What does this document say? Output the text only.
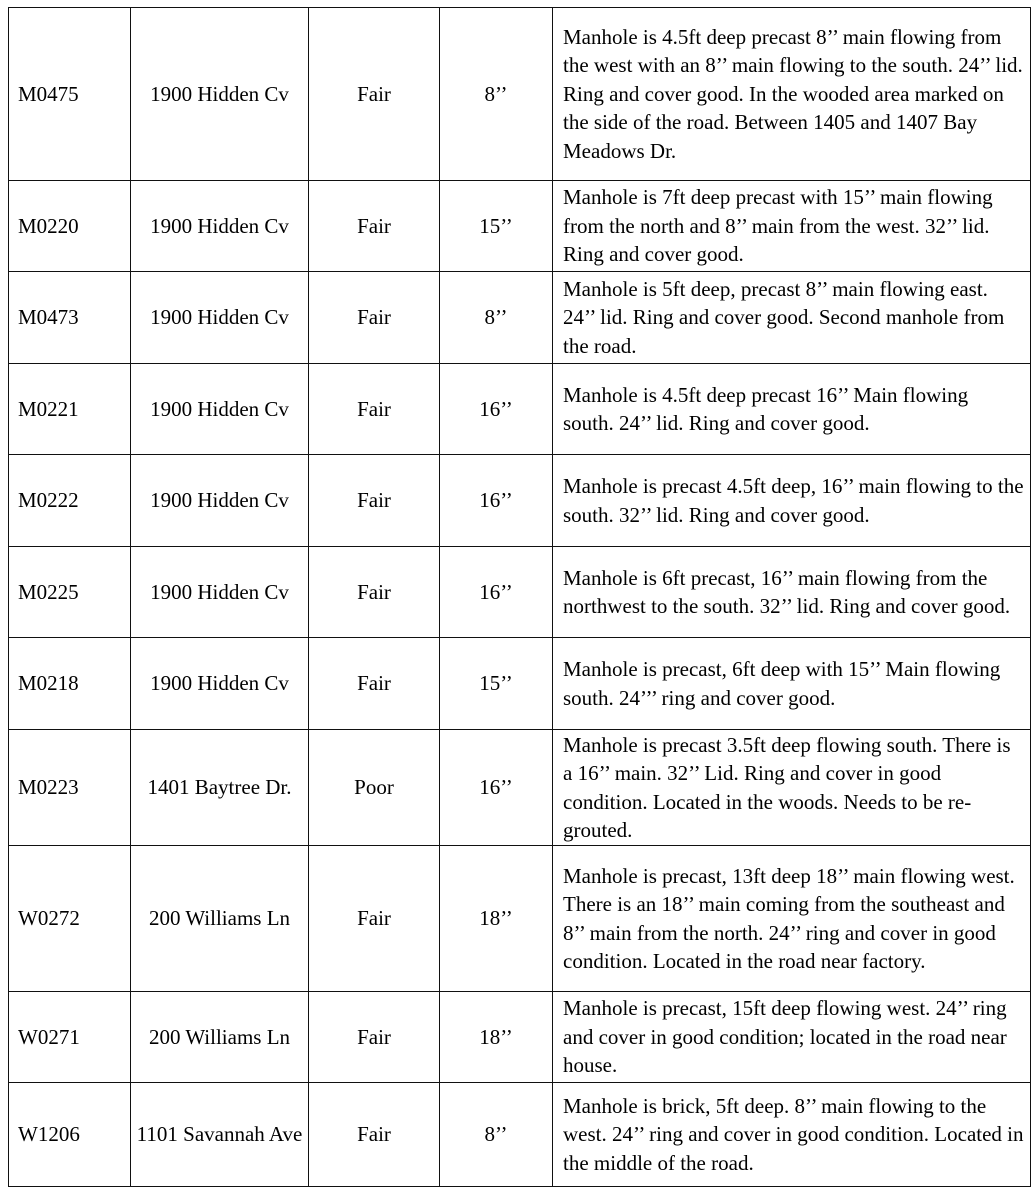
M0475	1900 Hidden Cv	Fair	8’’	Manhole is 4.5ft deep precast 8’’ main flowing from the west with an 8’’ main flowing to the south. 24’’ lid. Ring and cover good. In the wooded area marked on the side of the road. Between 1405 and 1407 Bay Meadows Dr.
M0220	1900 Hidden Cv	Fair	15’’	Manhole is 7ft deep precast with 15’’ main flowing from the north and 8’’ main from the west. 32’’ lid. Ring and cover good.
M0473	1900 Hidden Cv	Fair	8’’	Manhole is 5ft deep, precast 8’’ main flowing east. 24’’ lid. Ring and cover good. Second manhole from the road.
M0221	1900 Hidden Cv	Fair	16’’	Manhole is 4.5ft deep precast 16’’ Main flowing south. 24’’ lid. Ring and cover good.
M0222	1900 Hidden Cv	Fair	16’’	Manhole is precast 4.5ft deep, 16’’ main flowing to the south. 32’’ lid. Ring and cover good.
M0225	1900 Hidden Cv	Fair	16’’	Manhole is 6ft precast, 16’’ main flowing from the northwest to the south. 32’’ lid. Ring and cover good.
M0218	1900 Hidden Cv	Fair	15’’	Manhole is precast, 6ft deep with 15’’ Main flowing south. 24’’’ ring and cover good.
M0223	1401 Baytree Dr.	Poor	16’’	Manhole is precast 3.5ft deep flowing south. There is a 16’’ main. 32’’ Lid. Ring and cover in good condition. Located in the woods. Needs to be re-grouted.
W0272	200 Williams Ln	Fair	18’’	Manhole is precast, 13ft deep 18’’ main flowing west. There is an 18’’ main coming from the southeast and 8’’ main from the north. 24’’ ring and cover in good condition. Located in the road near factory.
W0271	200 Williams Ln	Fair	18’’	Manhole is precast, 15ft deep flowing west. 24’’ ring and cover in good condition; located in the road near house.
W1206	1101 Savannah Ave	Fair	8’’	Manhole is brick, 5ft deep. 8’’ main flowing to the west. 24’’ ring and cover in good condition. Located in the middle of the road.
